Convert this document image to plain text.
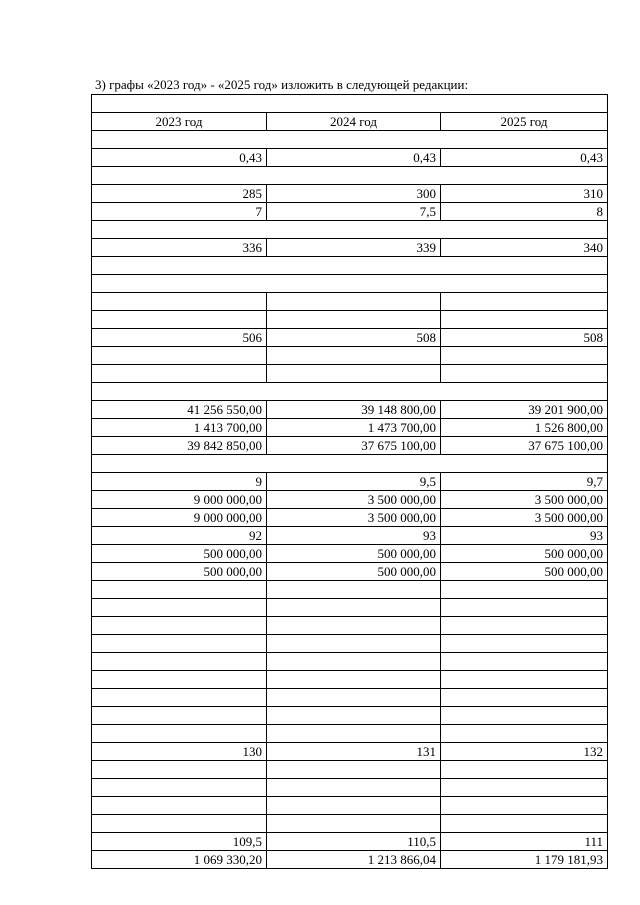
3) графы «2023 год» - «2025 год» изложить в следующей редакции:

2023 год	2024 год	2025 год

0,43	0,43	0,43

285	300	310
7	7,5	8

336	339	340

506	508	508

41 256 550,00	39 148 800,00	39 201 900,00
1 413 700,00	1 473 700,00	1 526 800,00
39 842 850,00	37 675 100,00	37 675 100,00

9	9,5	9,7
9 000 000,00	3 500 000,00	3 500 000,00
9 000 000,00	3 500 000,00	3 500 000,00
92	93	93
500 000,00	500 000,00	500 000,00
500 000,00	500 000,00	500 000,00

130	131	132

109,5	110,5	111
1 069 330,20	1 213 866,04	1 179 181,93
